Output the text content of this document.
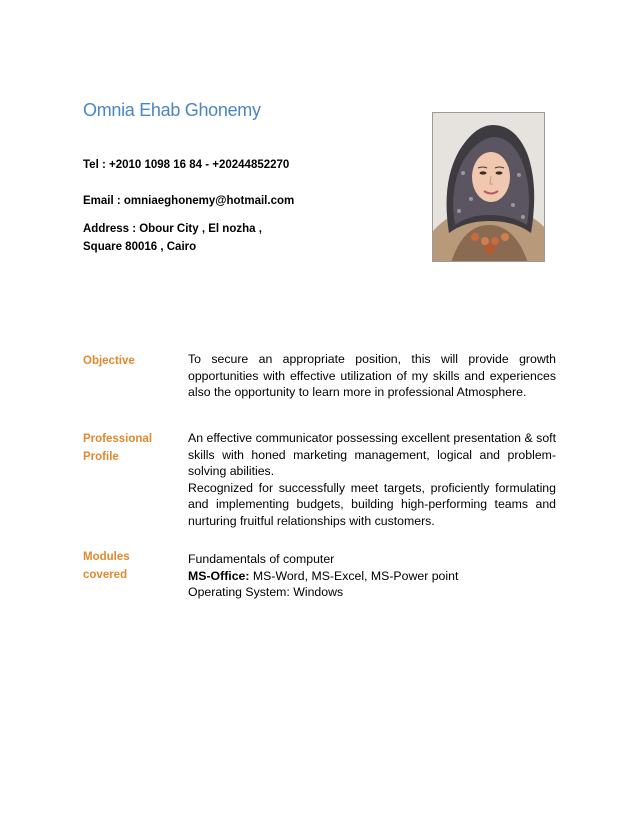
Omnia Ehab Ghonemy
Tel : +2010 1098 16 84 - +20244852270
Email : omniaeghonemy@hotmail.com
Address : Obour City , El nozha ,
Square 80016 , Cairo
Objective	To secure an appropriate position, this will provide growth opportunities with effective utilization of my skills and experiences also the opportunity to learn more in professional Atmosphere.

Professional
Profile

An effective communicator possessing excellent presentation & soft skills with honed marketing management, logical and problem-solving abilities.

Recognized for successfully meet targets, proficiently formulating and implementing budgets, building high-performing teams and nurturing fruitful relationships with customers.

Modules
covered
Fundamentals of computer
MS-Office: MS-Word, MS-Excel, MS-Power point
Operating System: Windows
